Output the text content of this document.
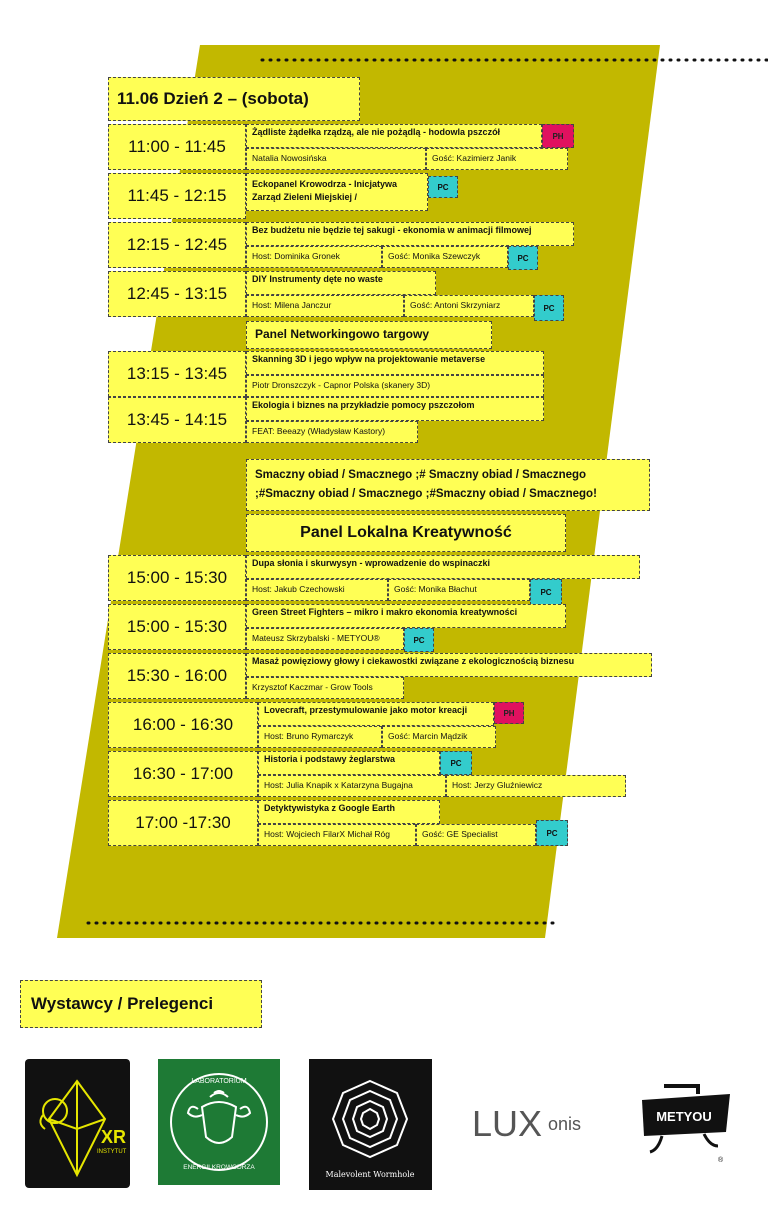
11.06 Dzień 2 – (sobota)
11:00 - 11:45
Żądliste żądełka rządzą, ale nie pożądlą - hodowla pszczół	PH
Natalia Nowosińska	Gość: Kazimierz Janik
11:45 - 12:15
Eckopanel Krowodrza - Inicjatywa
Zarząd Zieleni Miejskiej /
PC
12:15 - 12:45
Bez budżetu nie będzie tej sakugi - ekonomia w animacji filmowej
Host: Dominika Gronek	Gość: Monika Szewczyk	PC
12:45 - 13:15
DIY Instrumenty dęte no waste
Host: Milena Janczur	Gość: Antoni Skrzyniarz	PC
Panel Networkingowo targowy
13:15 - 13:45
Skanning 3D i jego wpływ na projektowanie metaverse
Piotr Dronszczyk - Capnor Polska (skanery 3D)
13:45 - 14:15
Ekologia i biznes na przykładzie pomocy pszczołom
FEAT: Beeazy (Władysław Kastory)
Smaczny obiad / Smacznego ;# Smaczny obiad / Smacznego
;#Smaczny obiad / Smacznego ;#Smaczny obiad / Smacznego!
Panel Lokalna Kreatywność
15:00 - 15:30
Dupa słonia i skurwysyn - wprowadzenie do wspinaczki
Host: Jakub Czechowski	Gość: Monika Błachut	PC
15:00 - 15:30
Green Street Fighters – mikro i makro ekonomia kreatywności
Mateusz Skrzybalski - METYOU®	PC
15:30 - 16:00
Masaż powięziowy głowy i ciekawostki związane z ekologicznością biznesu
Krzysztof Kaczmar - Grow Tools
16:00 - 16:30
Lovecraft, przestymulowanie jako motor kreacji	PH
Host: Bruno Rymarczyk	Gość: Marcin Mądzik
16:30 - 17:00
Historia i podstawy żeglarstwa	PC
Host: Julia Knapik x Katarzyna Bugajna	Host: Jerzy Gluźniewicz
17:00 -17:30
Detyktywistyka z Google Earth
Host: Wojciech FilarX Michał Róg	Gość: GE Specialist	PC
Wystawcy / Prelegenci
XR
INSTYTUT
LABORATORIUM
ENERGII KROWODRZA
Malevolent Wormhole
LUX onis	METYOU
®
